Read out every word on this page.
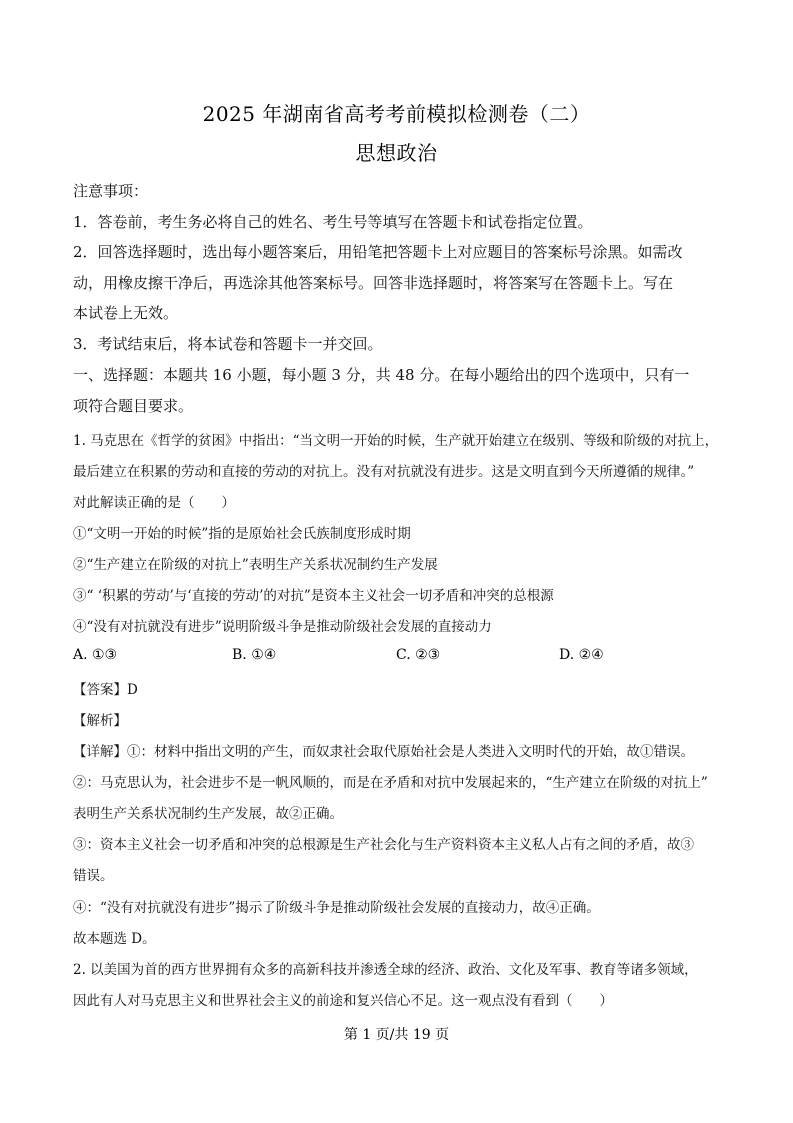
2025 年湖南省高考考前模拟检测卷（二）
思想政治
注意事项：
1．答卷前，考生务必将自己的姓名、考生号等填写在答题卡和试卷指定位置。
2．回答选择题时，选出每小题答案后，用铅笔把答题卡上对应题目的答案标号涂黑。如需改
动，用橡皮擦干净后，再选涂其他答案标号。回答非选择题时，将答案写在答题卡上。写在
本试卷上无效。
3．考试结束后，将本试卷和答题卡一并交回。
一、选择题：本题共 16 小题，每小题 3 分，共 48 分。在每小题给出的四个选项中，只有一
项符合题目要求。
1. 马克思在《哲学的贫困》中指出：“当文明一开始的时候，生产就开始建立在级别、等级和阶级的对抗上，
最后建立在积累的劳动和直接的劳动的对抗上。没有对抗就没有进步。这是文明直到今天所遵循的规律。”
对此解读正确的是（　　）
①“文明一开始的时候”指的是原始社会氏族制度形成时期
②“生产建立在阶级的对抗上”表明生产关系状况制约生产发展
③“ ‘积累的劳动’与‘直接的劳动’的对抗”是资本主义社会一切矛盾和冲突的总根源
④“没有对抗就没有进步”说明阶级斗争是推动阶级社会发展的直接动力
A. ①③	B. ①④	C. ②③	D. ②④
【答案】D
【解析】
【详解】①：材料中指出文明的产生，而奴隶社会取代原始社会是人类进入文明时代的开始，故①错误。
②：马克思认为，社会进步不是一帆风顺的，而是在矛盾和对抗中发展起来的，“生产建立在阶级的对抗上”
表明生产关系状况制约生产发展，故②正确。
③：资本主义社会一切矛盾和冲突的总根源是生产社会化与生产资料资本主义私人占有之间的矛盾，故③
错误。
④：“没有对抗就没有进步”揭示了阶级斗争是推动阶级社会发展的直接动力，故④正确。
故本题选 D。
2. 以美国为首的西方世界拥有众多的高新科技并渗透全球的经济、政治、文化及军事、教育等诸多领域，
因此有人对马克思主义和世界社会主义的前途和复兴信心不足。这一观点没有看到（　　）
第 1 页/共 19 页
